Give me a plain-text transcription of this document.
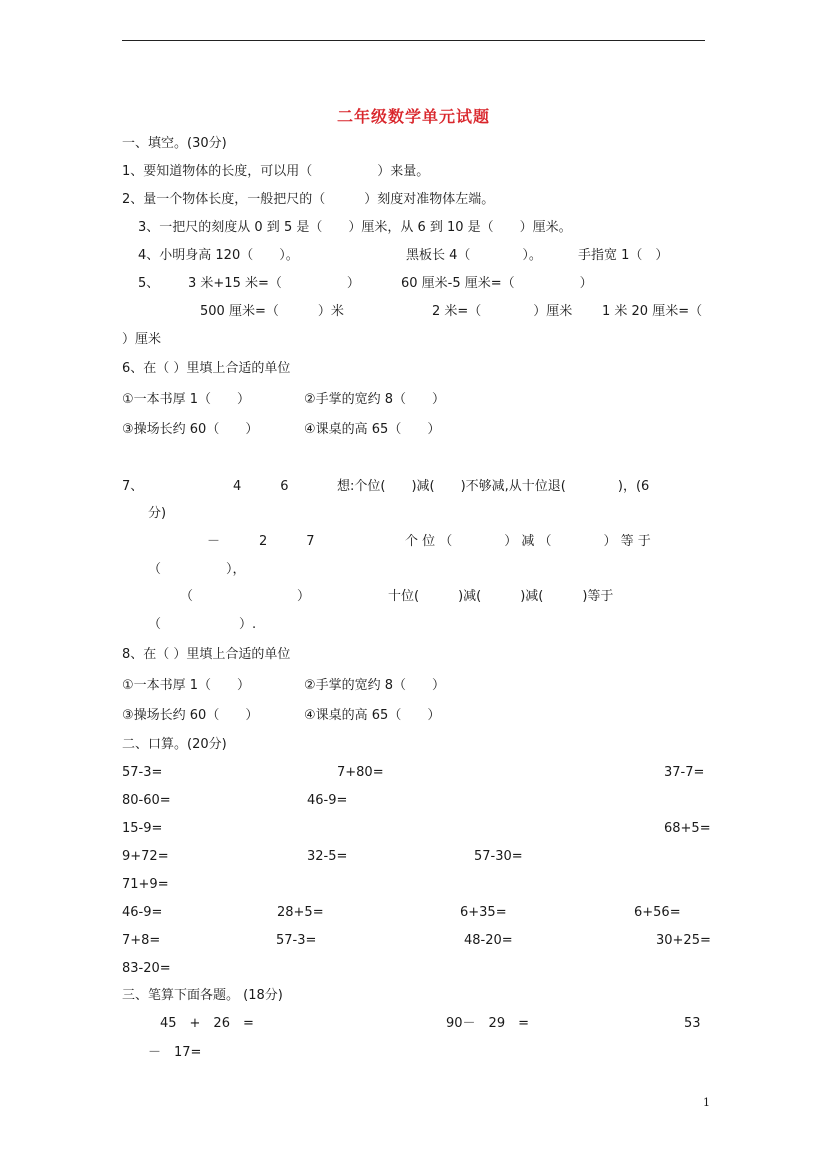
二年级数学单元试题
一、填空。(30分)
1、要知道物体的长度，可以用（　　　　　）来量。
2、量一个物体长度，一般把尺的（　　　）刻度对准物体左端。
3、一把尺的刻度从 0 到 5 是（　　）厘米，从 6 到 10 是（　　）厘米。
4、小明身高 120（　　）。	黑板长 4（　　　　）。	手指宽 1（　）
5、 3 米+15 米=（　　　　　）	60 厘米-5 厘米=（　　　　　）
500 厘米=（　　　）米	2 米=（　　　　）厘米 1 米 20 厘米=（
）厘米
6、在（ ）里填上合适的单位
①一本书厚 1（　　）	②手掌的宽约 8（　　）
③操场长约 60（　　）	④课桌的高 65（　　）
7、	4　　　6	想:个位(　　)减(　　)不够减,从十位退(　　　　)，(6
分)
－　　　2　　　7	个 位 （　　　　） 减 （　　　　） 等 于
（　　　　　），
（　　　　　　　　）	十位(　　　)减(　　　)减(　　　)等于
（　　　　　　）.
8、在（ ）里填上合适的单位
①一本书厚 1（　　）	②手掌的宽约 8（　　）
③操场长约 60（　　）	④课桌的高 65（　　）
二、口算。(20分)
57-3=	7+80=	37-7=
80-60=	46-9=
15-9=	68+5=
9+72=	32-5=	57-30=
71+9=
46-9=	28+5=	6+35=	6+56=
7+8=	57-3=	48-20=	30+25=
83-20=
三、笔算下面各题。 (18分)
45　+　26　=	90－　29　=	53
－　17=
1
